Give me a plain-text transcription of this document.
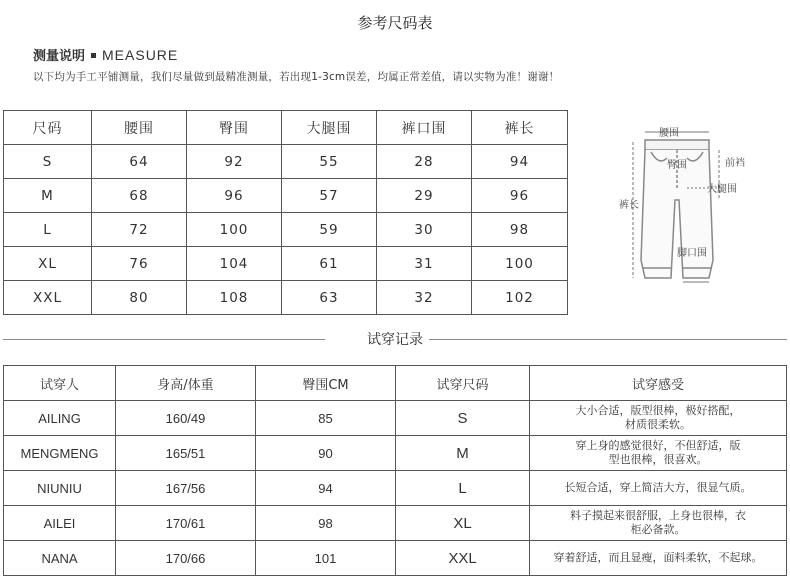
参考尺码表
测量说明 MEASURE
以下均为手工平铺测量，我们尽量做到最精准测量，若出现1-3cm误差，均属正常差值，请以实物为准！谢谢！
尺码	腰围	臀围	大腿围	裤口围	裤长
S	64	92	55	28	94
M	68	96	57	29	96
L	72	100	59	30	98
XL	76	104	61	31	100
XXL	80	108	63	32	102
腰围
臀围	前裆
大腿围
裤长
脚口围
试穿记录
试穿人	身高/体重	臀围CM	试穿尺码	试穿感受
AILING	160/49	85	S	大小合适，版型很棒，极好搭配，
材质很柔软。

MENGMENG	165/51	90	M	穿上身的感觉很好，不但舒适，版
型也很棒，很喜欢。

NIUNIU	167/56	94	L	长短合适，穿上简洁大方，很显气质。

AILEI	170/61	98	XL	料子摸起来很舒服，上身也很棒，衣
柜必备款。

NANA	170/66	101	XXL	穿着舒适，而且显瘦，面料柔软，不起球。
